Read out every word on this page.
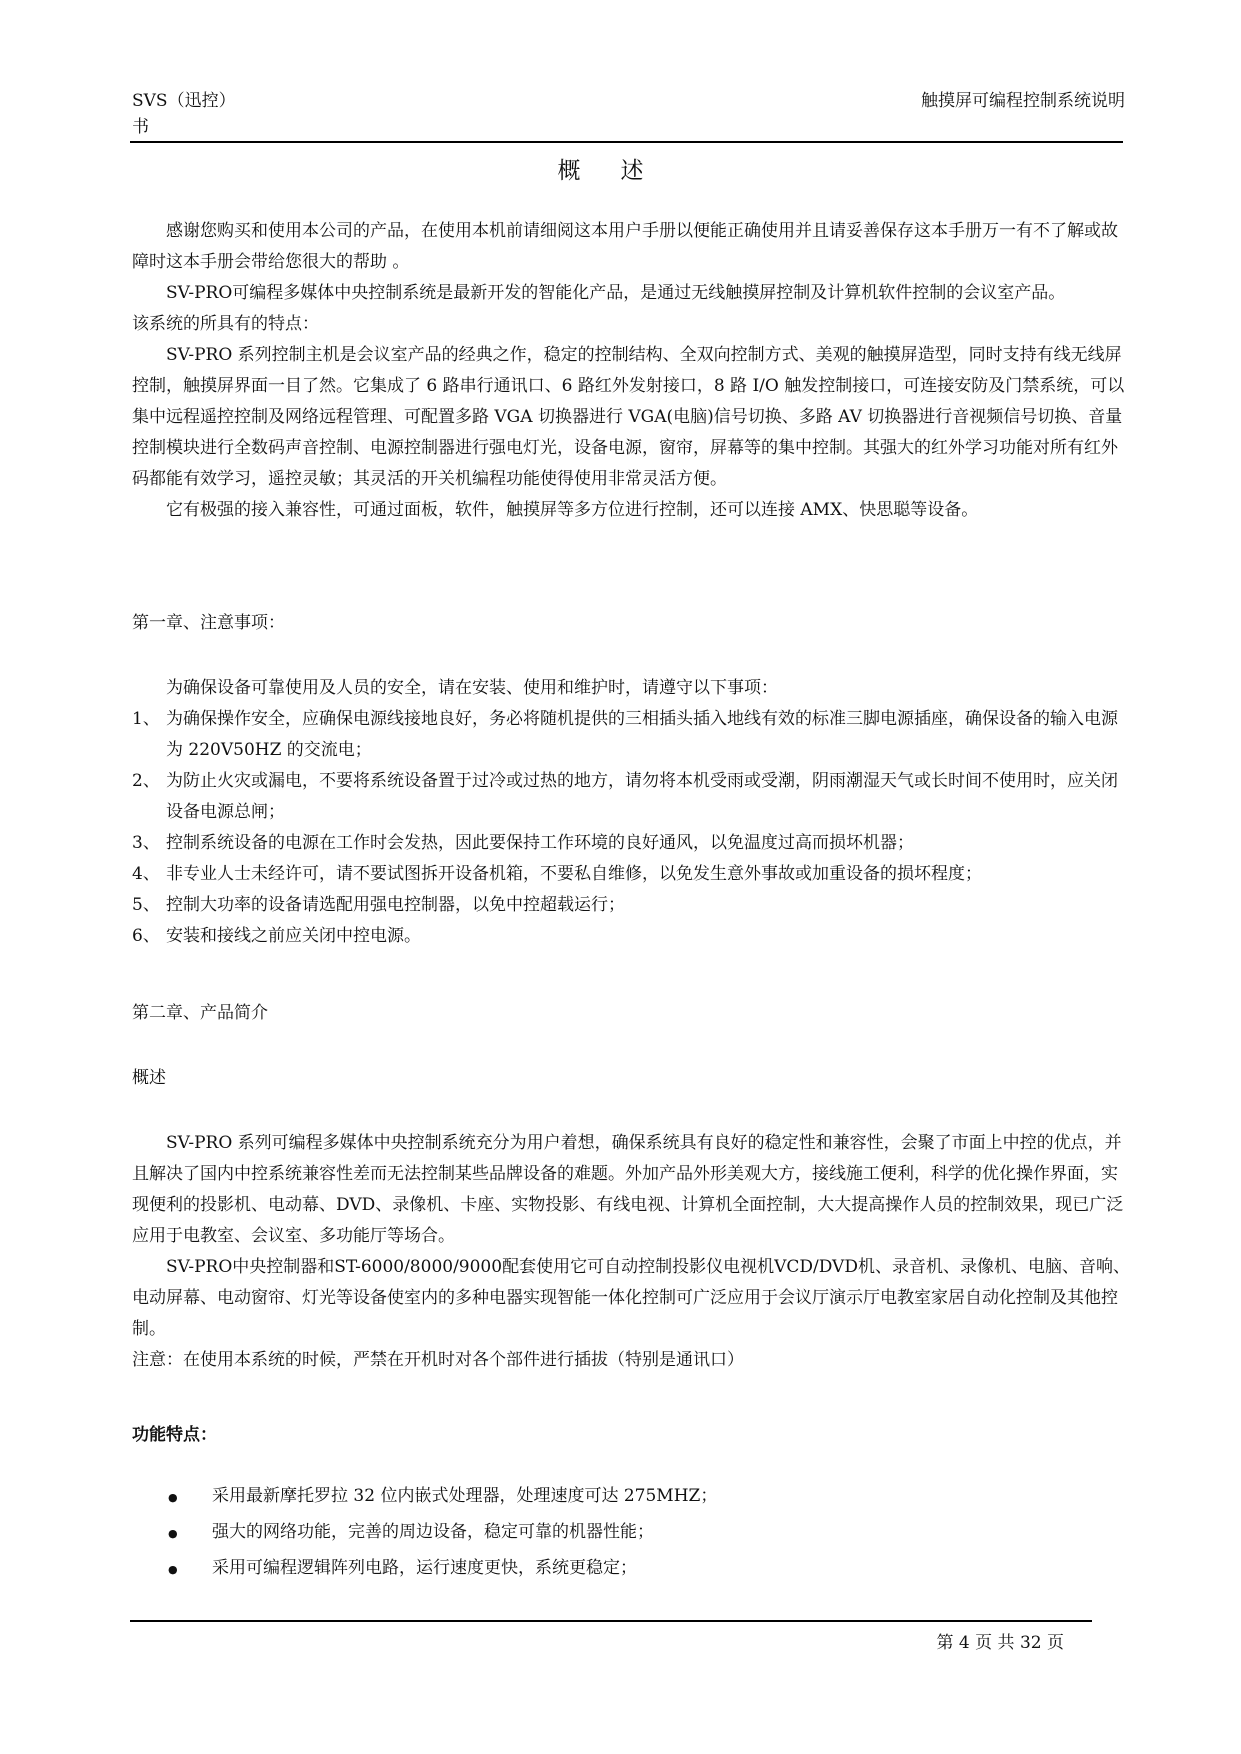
SVS（迅控）
书
触摸屏可编程控制系统说明
概述

感谢您购买和使用本公司的产品，在使用本机前请细阅这本用户手册以便能正确使用并且请妥善保存这本手册万一有不了解或故障时这本手册会带给您很大的帮助 。

SV-PRO可编程多媒体中央控制系统是最新开发的智能化产品，是通过无线触摸屏控制及计算机软件控制的会议室产品。

该系统的所具有的特点：

SV-PRO 系列控制主机是会议室产品的经典之作，稳定的控制结构、全双向控制方式、美观的触摸屏造型，同时支持有线无线屏控制，触摸屏界面一目了然。它集成了 6 路串行通讯口、6 路红外发射接口，8 路 I/O 触发控制接口，可连接安防及门禁系统，可以集中远程遥控控制及网络远程管理、可配置多路 VGA 切换器进行 VGA(电脑)信号切换、多路 AV 切换器进行音视频信号切换、音量控制模块进行全数码声音控制、电源控制器进行强电灯光，设备电源，窗帘，屏幕等的集中控制。其强大的红外学习功能对所有红外码都能有效学习，遥控灵敏；其灵活的开关机编程功能使得使用非常灵活方便。

它有极强的接入兼容性，可通过面板，软件，触摸屏等多方位进行控制，还可以连接 AMX、快思聪等设备。

第一章、注意事项：

为确保设备可靠使用及人员的安全，请在安装、使用和维护时，请遵守以下事项：

1、 为确保操作安全，应确保电源线接地良好，务必将随机提供的三相插头插入地线有效的标准三脚电源插座，确保设备的输入电源为 220V50HZ 的交流电；
2、 为防止火灾或漏电，不要将系统设备置于过冷或过热的地方，请勿将本机受雨或受潮，阴雨潮湿天气或长时间不使用时，应关闭设备电源总闸；
3、 控制系统设备的电源在工作时会发热，因此要保持工作环境的良好通风，以免温度过高而损坏机器；
4、 非专业人士未经许可，请不要试图拆开设备机箱，不要私自维修，以免发生意外事故或加重设备的损坏程度；
5、 控制大功率的设备请选配用强电控制器，以免中控超载运行；
6、 安装和接线之前应关闭中控电源。

第二章、产品简介

概述

SV-PRO 系列可编程多媒体中央控制系统充分为用户着想，确保系统具有良好的稳定性和兼容性，会聚了市面上中控的优点，并且解决了国内中控系统兼容性差而无法控制某些品牌设备的难题。外加产品外形美观大方，接线施工便利，科学的优化操作界面，实现便利的投影机、电动幕、DVD、录像机、卡座、实物投影、有线电视、计算机全面控制，大大提高操作人员的控制效果，现已广泛应用于电教室、会议室、多功能厅等场合。

SV-PRO中央控制器和ST-6000/8000/9000配套使用它可自动控制投影仪电视机VCD/DVD机、录音机、录像机、电脑、音响、电动屏幕、电动窗帘、灯光等设备使室内的多种电器实现智能一体化控制可广泛应用于会议厅演示厅电教室家居自动化控制及其他控制。

注意：在使用本系统的时候，严禁在开机时对各个部件进行插拔（特别是通讯口）

功能特点：

●
采用最新摩托罗拉 32 位内嵌式处理器，处理速度可达 275MHZ；
●
强大的网络功能，完善的周边设备，稳定可靠的机器性能；
●
采用可编程逻辑阵列电路，运行速度更快，系统更稳定；
第 4 页 共 32 页
